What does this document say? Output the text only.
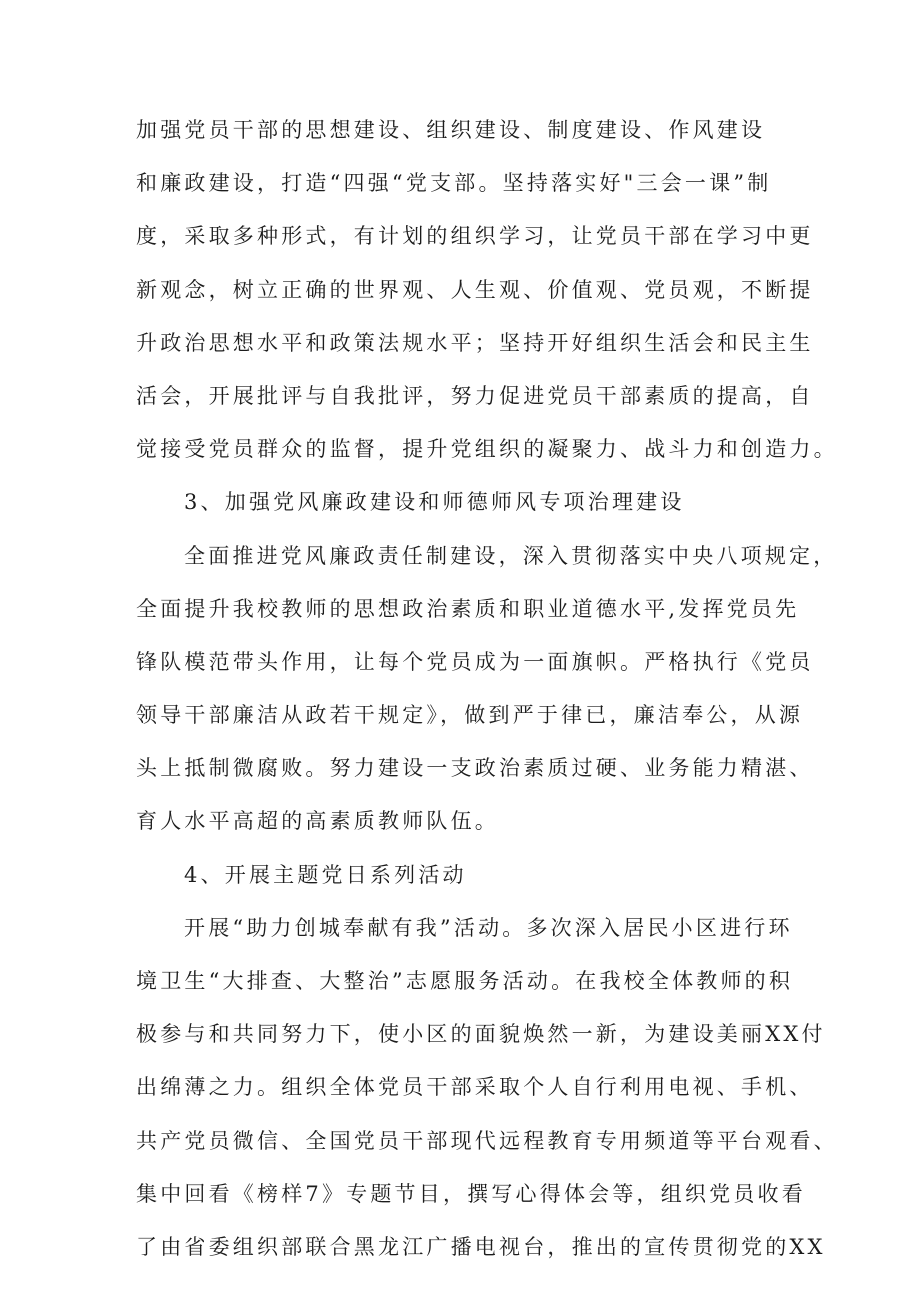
加强党员干部的思想建设、组织建设、制度建设、作风建设
和廉政建设，打造“四强“党支部。坚持落实好"三会一课”制
度，采取多种形式，有计划的组织学习，让党员干部在学习中更
新观念，树立正确的世界观、人生观、价值观、党员观，不断提
升政治思想水平和政策法规水平；坚持开好组织生活会和民主生
活会，开展批评与自我批评，努力促进党员干部素质的提高，自
觉接受党员群众的监督，提升党组织的凝聚力、战斗力和创造力。
3、加强党风廉政建设和师德师风专项治理建设
全面推进党风廉政责任制建设，深入贯彻落实中央八项规定，
全面提升我校教师的思想政治素质和职业道德水平,发挥党员先
锋队模范带头作用，让每个党员成为一面旗帜。严格执行《党员
领导干部廉洁从政若干规定》，做到严于律已，廉洁奉公，从源
头上抵制微腐败。努力建设一支政治素质过硬、业务能力精湛、
育人水平高超的高素质教师队伍。
4、开展主题党日系列活动
开展“助力创城奉献有我”活动。多次深入居民小区进行环
境卫生“大排查、大整治”志愿服务活动。在我校全体教师的积
极参与和共同努力下，使小区的面貌焕然一新，为建设美丽XX付
出绵薄之力。组织全体党员干部采取个人自行利用电视、手机、
共产党员微信、全国党员干部现代远程教育专用频道等平台观看、
集中回看《榜样7》专题节目，撰写心得体会等，组织党员收看
了由省委组织部联合黑龙江广播电视台，推出的宣传贯彻党的XX
